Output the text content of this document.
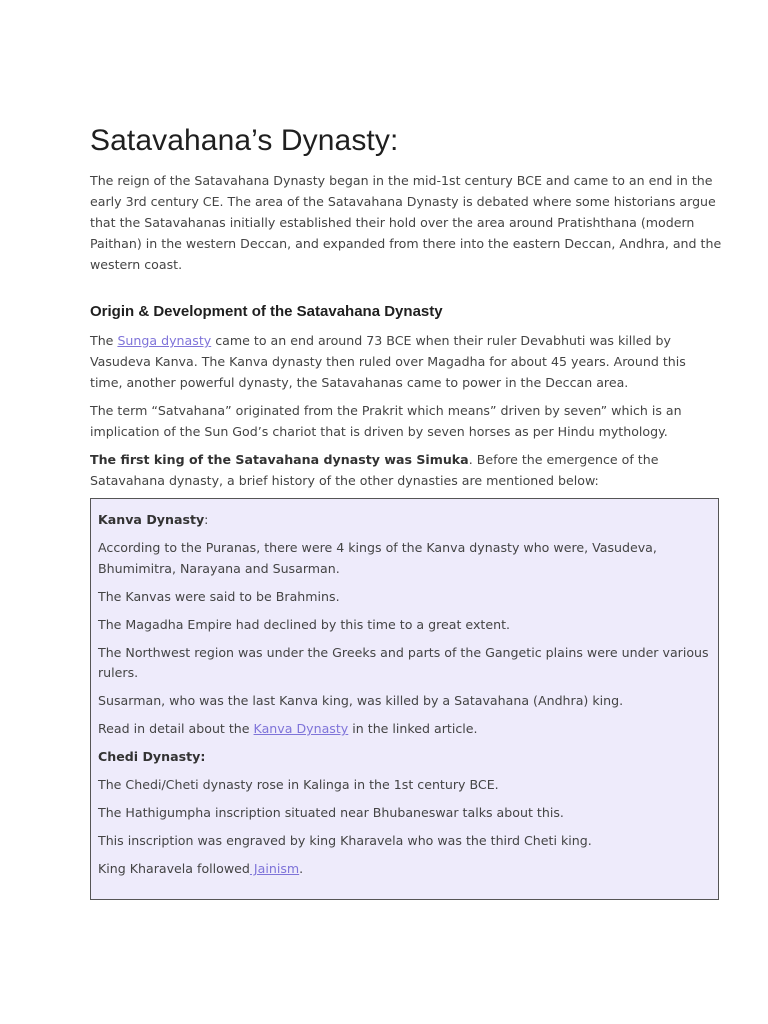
Satavahana’s Dynasty:

The reign of the Satavahana Dynasty began in the mid-1st century BCE and came to an end in the early 3rd century CE. The area of the Satavahana Dynasty is debated where some historians argue that the Satavahanas initially established their hold over the area around Pratishthana (modern Paithan) in the western Deccan, and expanded from there into the eastern Deccan, Andhra, and the western coast.

Origin & Development of the Satavahana Dynasty

The Sunga dynasty came to an end around 73 BCE when their ruler Devabhuti was killed by Vasudeva Kanva. The Kanva dynasty then ruled over Magadha for about 45 years. Around this time, another powerful dynasty, the Satavahanas came to power in the Deccan area.

The term “Satvahana” originated from the Prakrit which means” driven by seven” which is an implication of the Sun God’s chariot that is driven by seven horses as per Hindu mythology.

The first king of the Satavahana dynasty was Simuka. Before the emergence of the Satavahana dynasty, a brief history of the other dynasties are mentioned below:

Kanva Dynasty:

According to the Puranas, there were 4 kings of the Kanva dynasty who were, Vasudeva, Bhumimitra, Narayana and Susarman.

The Kanvas were said to be Brahmins.

The Magadha Empire had declined by this time to a great extent.

The Northwest region was under the Greeks and parts of the Gangetic plains were under various rulers.

Susarman, who was the last Kanva king, was killed by a Satavahana (Andhra) king.

Read in detail about the Kanva Dynasty in the linked article.

Chedi Dynasty:

The Chedi/Cheti dynasty rose in Kalinga in the 1st century BCE.

The Hathigumpha inscription situated near Bhubaneswar talks about this.

This inscription was engraved by king Kharavela who was the third Cheti king.

King Kharavela followed Jainism.
